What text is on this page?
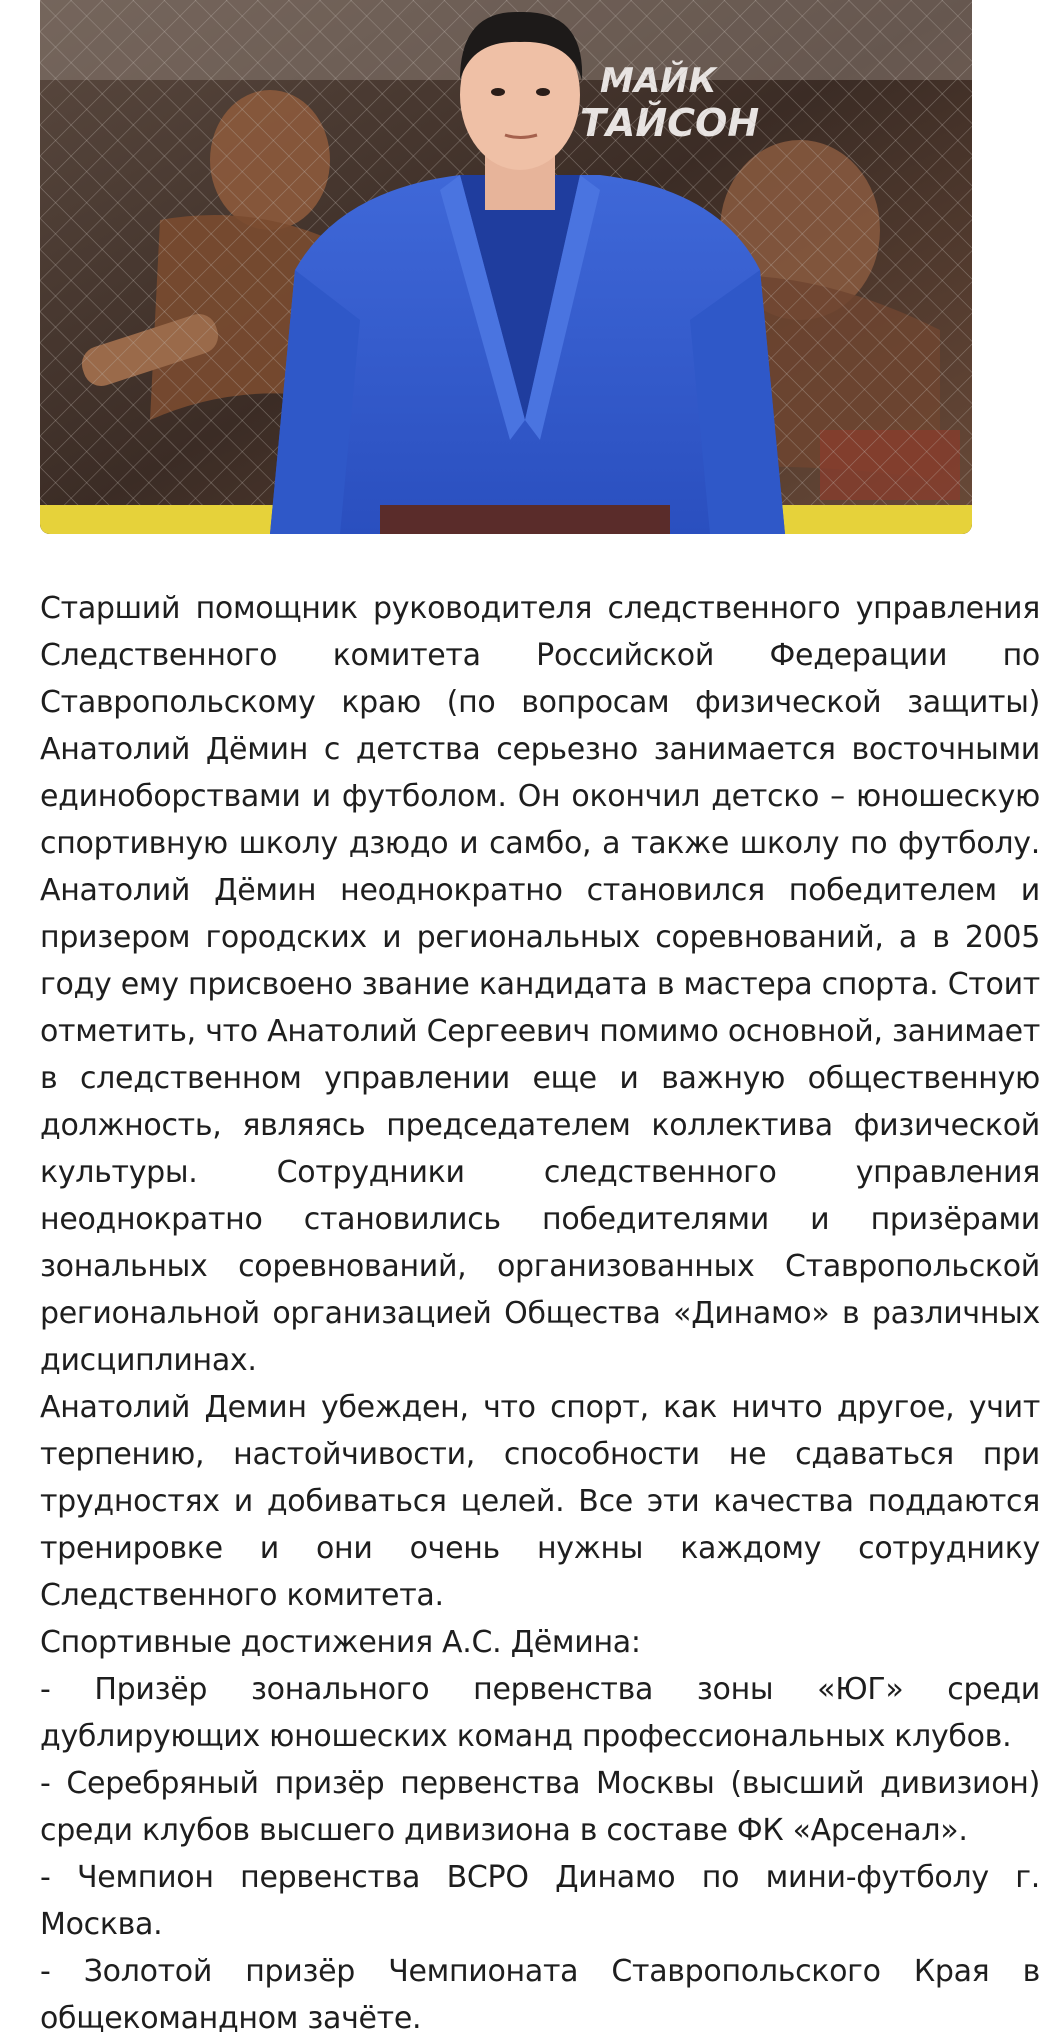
Старший помощник руководителя следственного управления Следственного комитета Российской Федерации по Ставропольскому краю (по вопросам физической защиты) Анатолий Дёмин с детства серьезно занимается восточными единоборствами и футболом. Он окончил детско – юношескую спортивную школу дзюдо и самбо, а также школу по футболу. Анатолий Дёмин неоднократно становился победителем и призером городских и региональных соревнований, а в 2005 году ему присвоено звание кандидата в мастера спорта. Стоит отметить, что Анатолий Сергеевич помимо основной, занимает в следственном управлении еще и важную общественную должность, являясь председателем коллектива физической культуры. Сотрудники следственного управления неоднократно становились победителями и призёрами зональных соревнований, организованных Ставропольской региональной организацией Общества «Динамо» в различных дисциплинах.

Анатолий Демин убежден, что спорт, как ничто другое, учит терпению, настойчивости, способности не сдаваться при трудностях и добиваться целей. Все эти качества поддаются тренировке и они очень нужны каждому сотруднику Следственного комитета.

Спортивные достижения А.С. Дёмина:

- Призёр зонального первенства зоны «ЮГ» среди дублирующих юношеских команд профессиональных клубов.

- Серебряный призёр первенства Москвы (высший дивизион) среди клубов высшего дивизиона в составе ФК «Арсенал».

- Чемпион первенства ВСРО Динамо по мини-футболу г. Москва.

- Золотой призёр Чемпионата Ставропольского Края в общекомандном зачёте.
